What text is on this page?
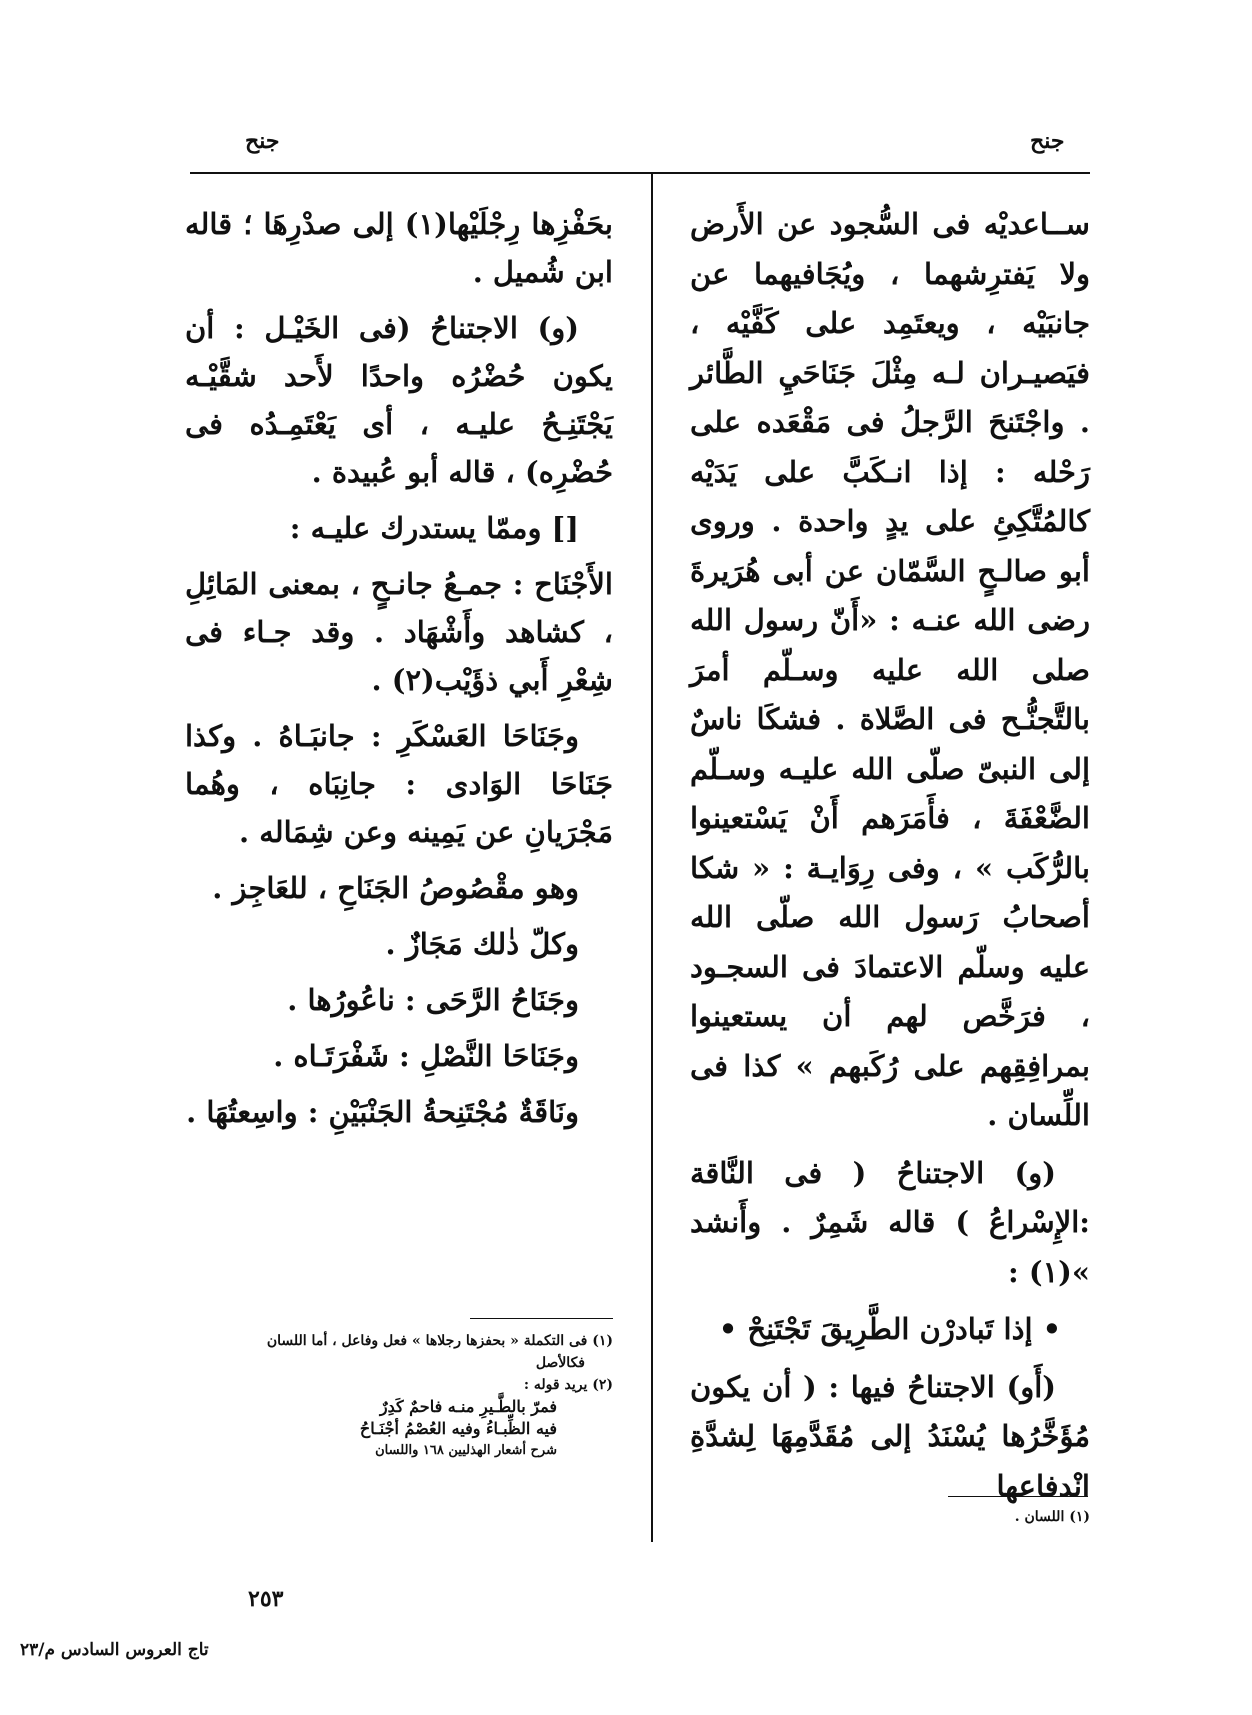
جنح
جنح

ســاعديْه فى السُّجود عن الأَرض ولا يَفترِشهما ، ويُجَافيهما عن جانبَيْه ، ويعتَمِد على كَفَّيْه ، فيَصيـران لـه مِثْلَ جَنَاحَيِ الطَّائر . واجْتَنحَ الرَّجلُ فى مَقْعَده على رَحْله : إذا انـكَبَّ على يَدَيْه كالمُتَّكِئِ على يدٍ واحدة . وروى أبو صالـحٍ السَّمّان عن أبى هُرَيرةَ رضى الله عنـه : «أَنّ رسول الله صلى الله عليه وسـلّم أمرَ بالتَّجنُّـح فى الصَّلاة . فشكَا ناسٌ إلى النبىّ صلّى الله عليـه وسـلّم الضَّعْفَةَ ، فأَمَرَهم أَنْ يَسْتعينوا بالرُّكَب » ، وفى رِوَايـة : « شكا أصحابُ رَسول الله صلّى الله عليه وسلّم الاعتمادَ فى السجـود ، فرَخَّص لهم أن يستعينوا بمرافِقِهم على رُكَبهم » كذا فى اللِّسان .

(و) الاجتناحُ ( فى النَّاقة :الإِسْراعُ ) قاله شَمِرٌ . وأَنشد »(١) :

• إذا تَبادرْن الطَّرِيقَ تَجْتَنِحْ •

(أَو) الاجتناحُ فيها : ( أن يكون مُؤَخَّرُها يُسْنَدُ إلى مُقَدَّمِهَا لِشدَّةِ انْدفاعها

بحَفْزِها رِجْلَيْها(١) إلى صدْرِهَا ؛ قاله ابن شُميل .

(و) الاجتناحُ (فى الخَيْـل : أن يكون حُضْرُه واحدًا لأَحد شقَّيْـه يَجْتَنِـحُ عليـه ، أى يَعْتَمِـدُه فى حُضْرِه) ، قاله أبو عُبيدة .

[] وممّا يستدرك عليـه :

الأَجْنَاح : جمـعُ جانـحٍ ، بمعنى المَائِلِ ، كشاهد وأَشْهَاد . وقد جـاء فى شِعْرِ أَبي ذؤَيْب(٢) .

وجَنَاحَا العَسْكَرِ : جانبَـاهُ . وكذا جَنَاحَا الوَادى : جانِبَاه ، وهُما مَجْرَيانِ عن يَمِينه وعن شِمَاله .

وهو مقْصُوصُ الجَنَاحِ ، للعَاجِز .

وكلّ ذٰلك مَجَازٌ .

وجَنَاحُ الرَّحَى : ناعُورُها .

وجَنَاحَا النَّصْلِ : شَفْرَتَـاه .

ونَاقَةٌ مُجْتَنِحةُ الجَنْبَيْنِ : واسِعتُهَا .

(١) اللسان .

(١) فى التكملة « بحفزها رجلاها » فعل وفاعل ، أما اللسان

فكالأصل

(٢) يريد قوله :

فمرّ بالطَّـيرِ منـه فاحمٌ كَدِرٌ

فيه الظِّبـاءُ وفيه العُصْمُ أجْنَـاحُ

شرح أشعار الهذليين ١٦٨ واللسان

٢٥٣
تاج العروس السادس م/٢٣
